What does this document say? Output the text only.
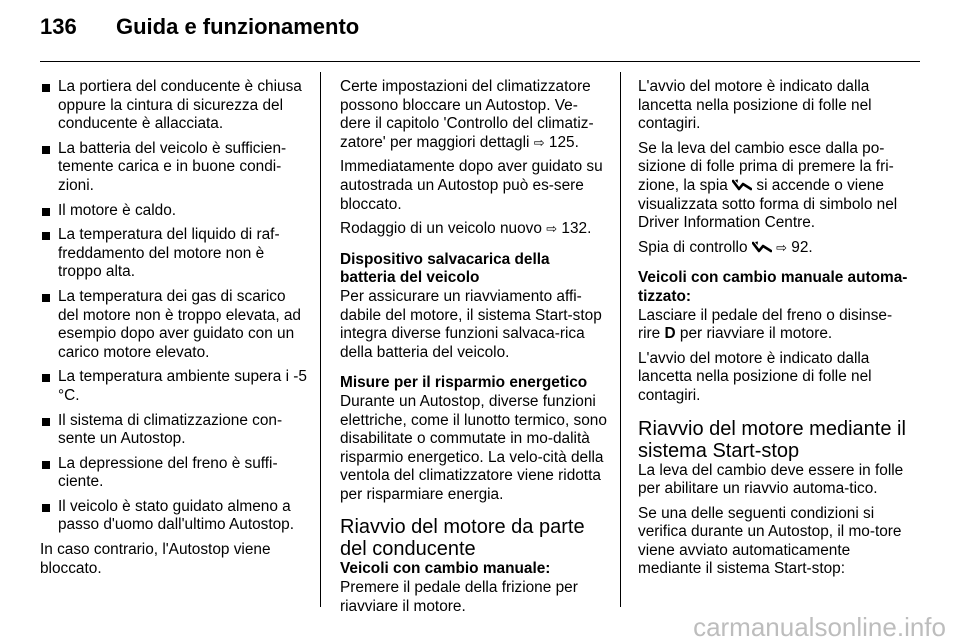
136	Guida e funzionamento
La portiera del conducente è chiusa oppure la cintura di sicurezza del conducente è allacciata.
La batteria del veicolo è sufficien-temente carica e in buone condi-zioni.
Il motore è caldo.
La temperatura del liquido di raf-freddamento del motore non è troppo alta.
La temperatura dei gas di scarico del motore non è troppo elevata, ad esempio dopo aver guidato con un carico motore elevato.
La temperatura ambiente supera i -5 °C.
Il sistema di climatizzazione con-sente un Autostop.
La depressione del freno è suffi-ciente.
Il veicolo è stato guidato almeno a passo d'uomo dall'ultimo Autostop.

In caso contrario, l'Autostop viene bloccato.

Certe impostazioni del climatizzatore possono bloccare un Autostop. Ve-dere il capitolo 'Controllo del climatiz-zatore' per maggiori dettagli ⇨ 125.

Immediatamente dopo aver guidato su autostrada un Autostop può es-sere bloccato.

Rodaggio di un veicolo nuovo ⇨ 132.

Dispositivo salvacarica della batteria del veicolo

Per assicurare un riavviamento affi-dabile del motore, il sistema Start-stop integra diverse funzioni salvaca-rica della batteria del veicolo.

Misure per il risparmio energetico

Durante un Autostop, diverse funzioni elettriche, come il lunotto termico, sono disabilitate o commutate in mo-dalità risparmio energetico. La velo-cità della ventola del climatizzatore viene ridotta per risparmiare energia.

Riavvio del motore da parte del conducente
Veicoli con cambio manuale:

Premere il pedale della frizione per riavviare il motore.

L'avvio del motore è indicato dalla lancetta nella posizione di folle nel contagiri.

Se la leva del cambio esce dalla po-sizione di folle prima di premere la fri-zione, la spia si accende o viene visualizzata sotto forma di simbolo nel Driver Information Centre.

Spia di controllo ⇨ 92.

Veicoli con cambio manuale automa-tizzato:

Lasciare il pedale del freno o disinse-rire D per riavviare il motore.

L'avvio del motore è indicato dalla lancetta nella posizione di folle nel contagiri.

Riavvio del motore mediante il sistema Start-stop

La leva del cambio deve essere in folle per abilitare un riavvio automa-tico.

Se una delle seguenti condizioni si verifica durante un Autostop, il mo-tore viene avviato automaticamente mediante il sistema Start-stop:

carmanualsonline.info
